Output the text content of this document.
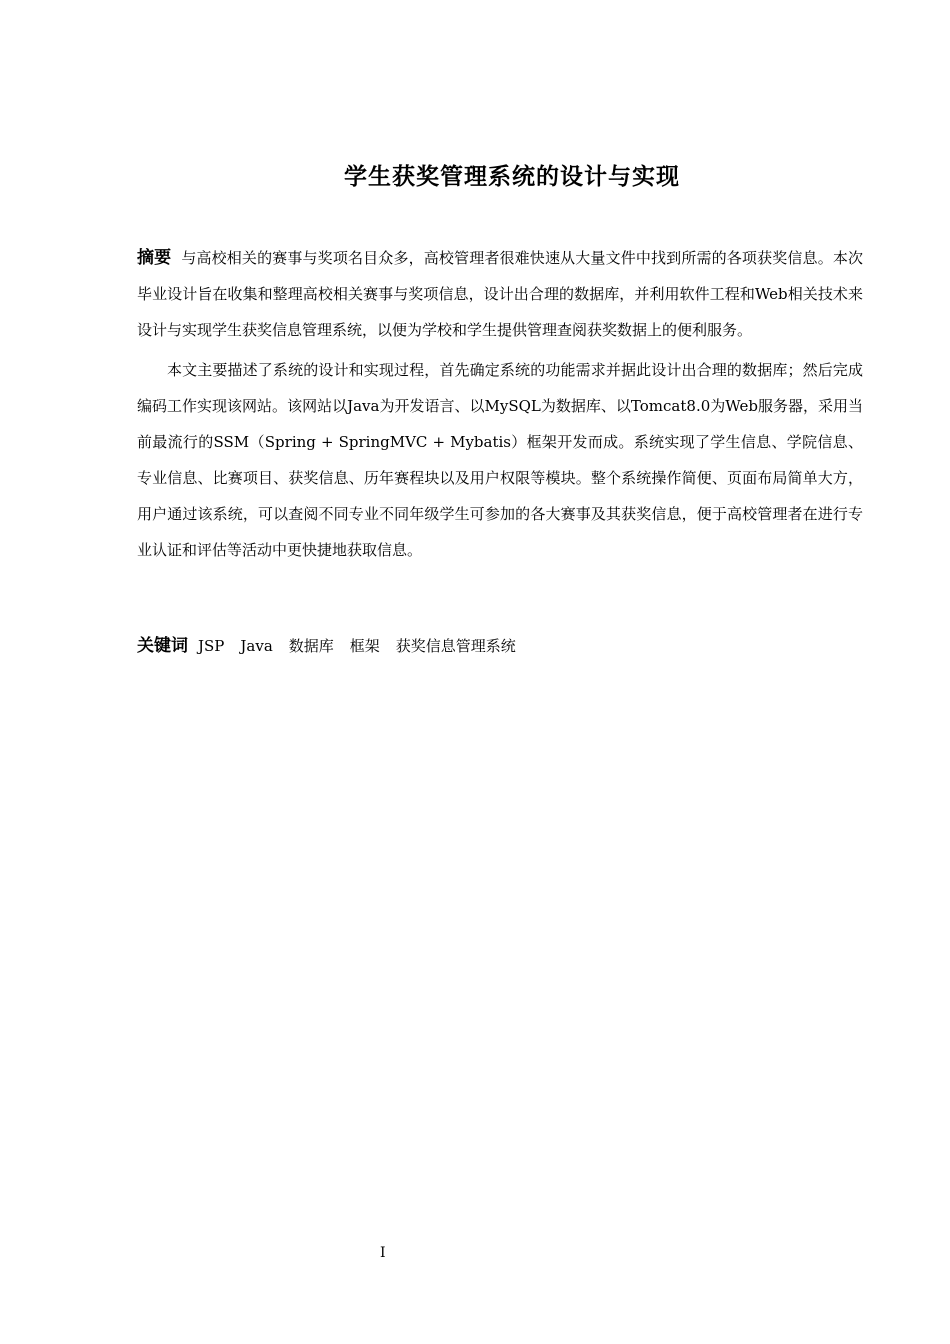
学生获奖管理系统的设计与实现

摘要 与高校相关的赛事与奖项名目众多，高校管理者很难快速从大量文件中找到所需的各项获奖信息。本次毕业设计旨在收集和整理高校相关赛事与奖项信息，设计出合理的数据库，并利用软件工程和Web相关技术来设计与实现学生获奖信息管理系统，以便为学校和学生提供管理查阅获奖数据上的便利服务。

本文主要描述了系统的设计和实现过程，首先确定系统的功能需求并据此设计出合理的数据库；然后完成编码工作实现该网站。该网站以Java为开发语言、以MySQL为数据库、以Tomcat8.0为Web服务器，采用当前最流行的SSM（Spring + SpringMVC + Mybatis）框架开发而成。系统实现了学生信息、学院信息、专业信息、比赛项目、获奖信息、历年赛程块以及用户权限等模块。整个系统操作简便、页面布局简单大方，用户通过该系统，可以查阅不同专业不同年级学生可参加的各大赛事及其获奖信息，便于高校管理者在进行专业认证和评估等活动中更快捷地获取信息。

关键词 JSP Java 数据库 框架 获奖信息管理系统
I
